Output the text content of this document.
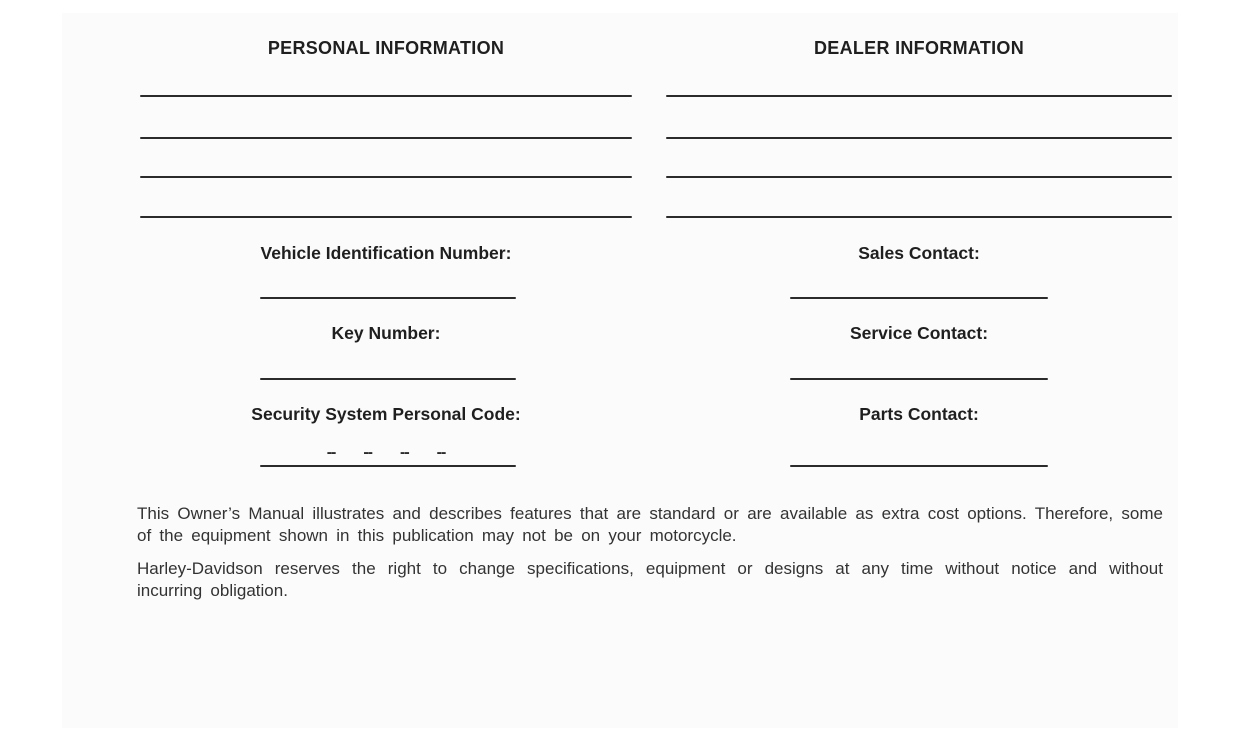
PERSONAL INFORMATION
Vehicle Identification Number:
Key Number:
Security System Personal Code:
-- -- -- --
DEALER INFORMATION
Sales Contact:
Service Contact:
Parts Contact:

This Owner’s Manual illustrates and describes features that are standard or are available as extra cost options. Therefore, some of the equipment shown in this publication may not be on your motorcycle.

Harley-Davidson reserves the right to change specifications, equipment or designs at any time without notice and without incurring obligation.
